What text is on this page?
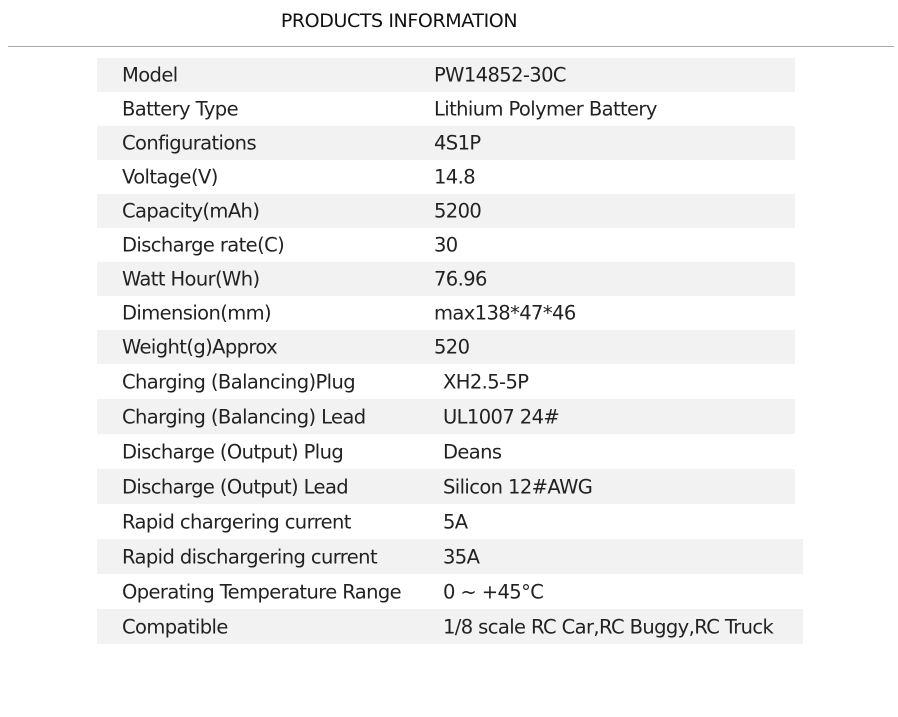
PRODUCTS INFORMATION
Model	PW14852-30C
Battery Type	Lithium Polymer Battery
Configurations	4S1P
Voltage(V)	14.8
Capacity(mAh)	5200
Discharge rate(C)	30
Watt Hour(Wh)	76.96
Dimension(mm)	max138*47*46
Weight(g)Approx	520
Charging (Balancing)Plug	XH2.5-5P
Charging (Balancing) Lead	UL1007 24#
Discharge (Output) Plug	Deans
Discharge (Output) Lead	Silicon 12#AWG
Rapid chargering current	5A
Rapid dischargering current	35A
Operating Temperature Range 0 ~ +45°C
Compatible	1/8 scale RC Car,RC Buggy,RC Truck
